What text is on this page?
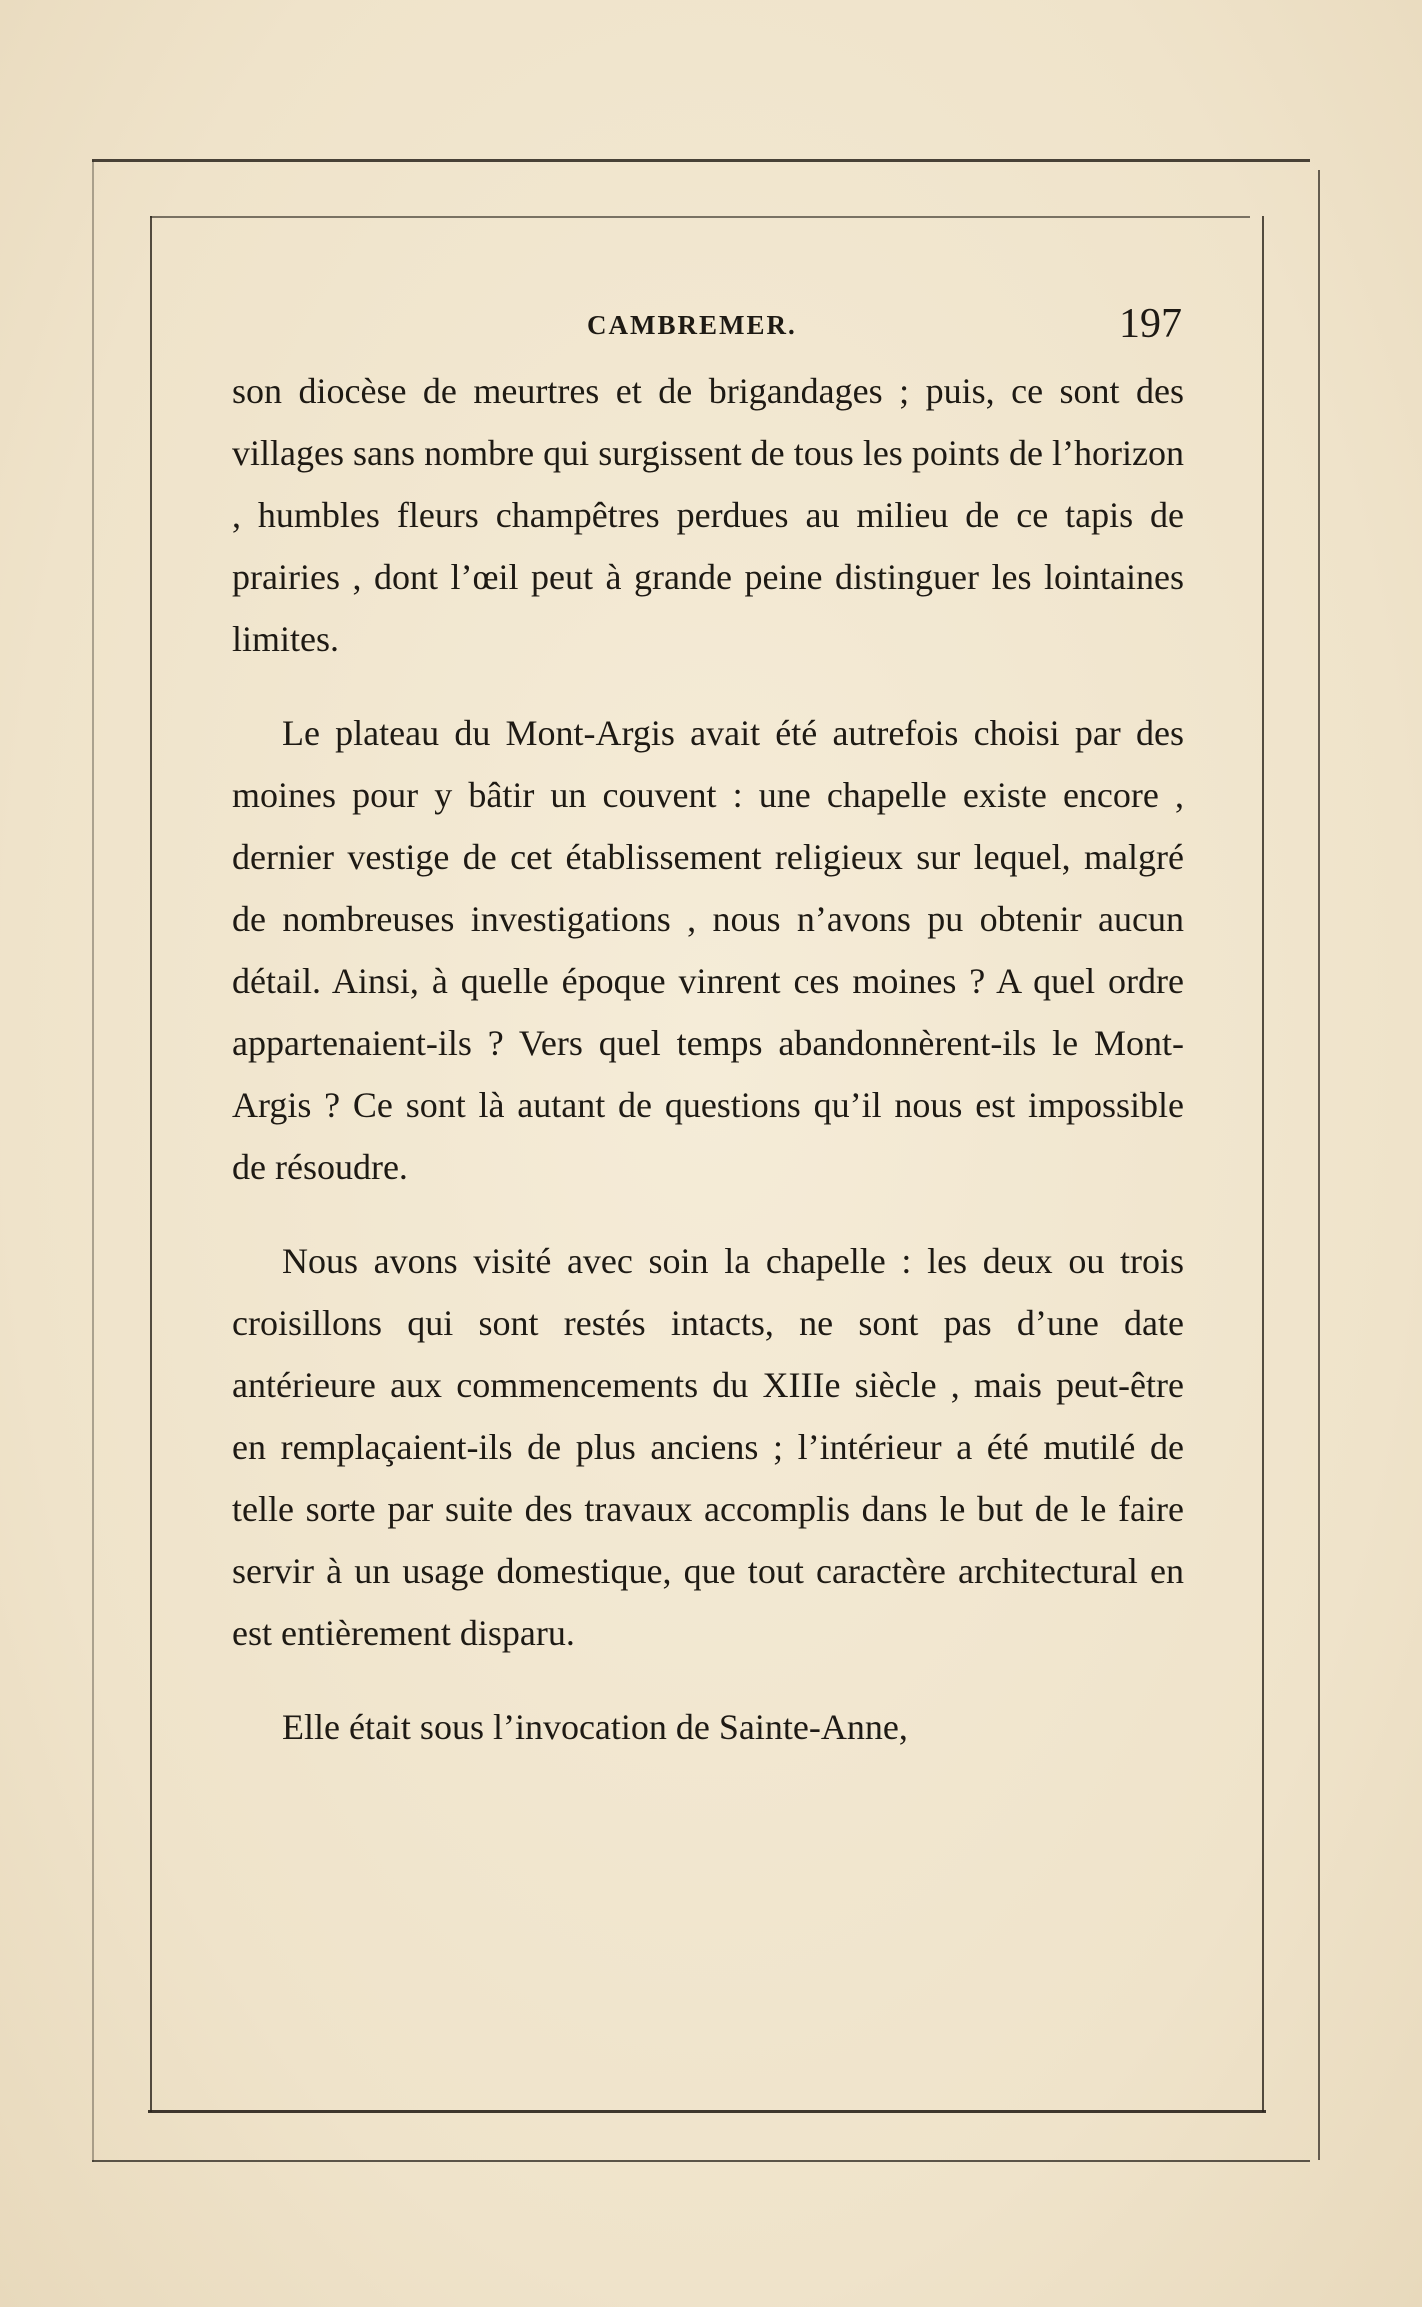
CAMBREMER.	197

son diocèse de meurtres et de brigandages ; puis, ce sont des villages sans nombre qui surgissent de tous les points de l’horizon , humbles fleurs champêtres perdues au milieu de ce tapis de prairies , dont l’œil peut à grande peine distinguer les lointaines limites.

Le plateau du Mont-Argis avait été autrefois choisi par des moines pour y bâtir un couvent : une chapelle existe encore , dernier vestige de cet établissement religieux sur lequel, malgré de nombreuses investigations , nous n’avons pu obtenir aucun détail. Ainsi, à quelle époque vinrent ces moines ? A quel ordre appartenaient-ils ? Vers quel temps abandonnèrent-ils le Mont-Argis ? Ce sont là autant de questions qu’il nous est impossible de résoudre.

Nous avons visité avec soin la chapelle : les deux ou trois croisillons qui sont restés intacts, ne sont pas d’une date antérieure aux commencements du XIIIe siècle , mais peut-être en remplaçaient-ils de plus anciens ; l’intérieur a été mutilé de telle sorte par suite des travaux accomplis dans le but de le faire servir à un usage domestique, que tout caractère architectural en est entièrement disparu.

Elle était sous l’invocation de Sainte-Anne,
